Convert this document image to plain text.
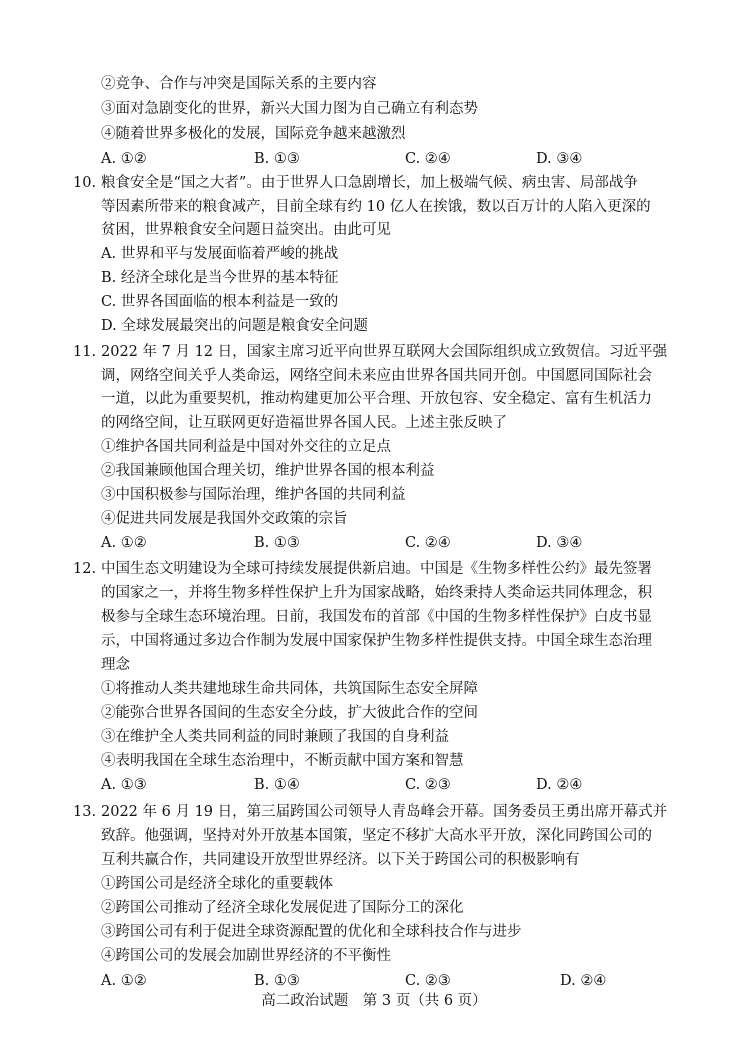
②竞争、合作与冲突是国际关系的主要内容
③面对急剧变化的世界，新兴大国力图为自己确立有利态势
④随着世界多极化的发展，国际竞争越来越激烈
A. ①②	B. ①③	C. ②④	D. ③④
10. 粮食安全是“国之大者”。由于世界人口急剧增长，加上极端气候、病虫害、局部战争
等因素所带来的粮食减产，目前全球有约 10 亿人在挨饿，数以百万计的人陷入更深的
贫困，世界粮食安全问题日益突出。由此可见
A. 世界和平与发展面临着严峻的挑战
B. 经济全球化是当今世界的基本特征
C. 世界各国面临的根本利益是一致的
D. 全球发展最突出的问题是粮食安全问题
11. 2022 年 7 月 12 日，国家主席习近平向世界互联网大会国际组织成立致贺信。习近平强
调，网络空间关乎人类命运，网络空间未来应由世界各国共同开创。中国愿同国际社会
一道，以此为重要契机，推动构建更加公平合理、开放包容、安全稳定、富有生机活力
的网络空间，让互联网更好造福世界各国人民。上述主张反映了
①维护各国共同利益是中国对外交往的立足点
②我国兼顾他国合理关切，维护世界各国的根本利益
③中国积极参与国际治理，维护各国的共同利益
④促进共同发展是我国外交政策的宗旨
A. ①②	B. ①③	C. ②④	D. ③④
12. 中国生态文明建设为全球可持续发展提供新启迪。中国是《生物多样性公约》最先签署
的国家之一，并将生物多样性保护上升为国家战略，始终秉持人类命运共同体理念，积
极参与全球生态环境治理。日前，我国发布的首部《中国的生物多样性保护》白皮书显
示，中国将通过多边合作制为发展中国家保护生物多样性提供支持。中国全球生态治理
理念
①将推动人类共建地球生命共同体，共筑国际生态安全屏障
②能弥合世界各国间的生态安全分歧，扩大彼此合作的空间
③在维护全人类共同利益的同时兼顾了我国的自身利益
④表明我国在全球生态治理中，不断贡献中国方案和智慧
A. ①③	B. ①④	C. ②③	D. ②④
13. 2022 年 6 月 19 日，第三届跨国公司领导人青岛峰会开幕。国务委员王勇出席开幕式并
致辞。他强调，坚持对外开放基本国策，坚定不移扩大高水平开放，深化同跨国公司的
互利共赢合作，共同建设开放型世界经济。以下关于跨国公司的积极影响有
①跨国公司是经济全球化的重要载体
②跨国公司推动了经济全球化发展促进了国际分工的深化
③跨国公司有利于促进全球资源配置的优化和全球科技合作与进步
④跨国公司的发展会加剧世界经济的不平衡性
A. ①②	B. ①③	C. ②③	D. ②④
高二政治试题　第 3 页（共 6 页）
